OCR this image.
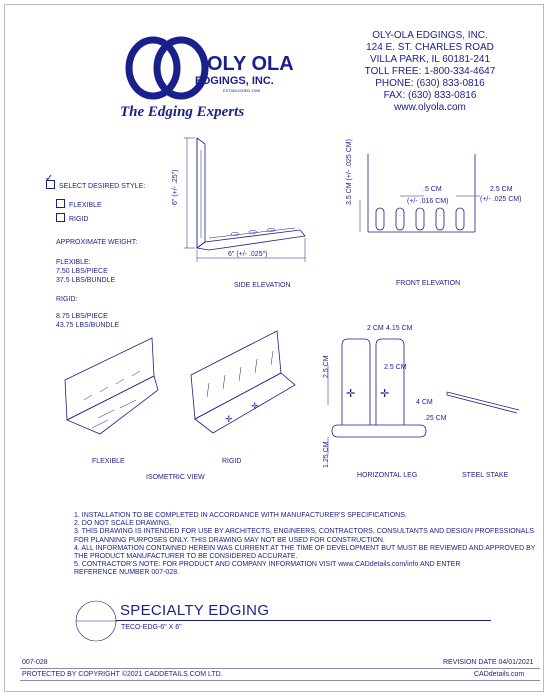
OLY OLA
EDGINGS, INC.
ESTABLISHED 1999
The Edging Experts
OLY-OLA EDGINGS, INC.
124 E. ST. CHARLES ROAD
VILLA PARK, IL 60181-241
TOLL FREE: 1-800-334-4647
PHONE: (630) 833-0816
FAX: (630) 833-0816
www.olyola.com
✓SELECT DESIRED STYLE:
FLEXIBLE
RIGID
APPROXIMATE WEIGHT:
FLEXIBLE:
7.50 LBS/PIECE
37.5 LBS/BUNDLE
RIGID:
8.75 LBS/PIECE
43.75 LBS/BUNDLE
6" (+/- .25")
6" (+/- .025")
SIDE ELEVATION
3.5 CM (+/- .025 CM)	.5 CM
(+/- .016 CM)
2.5 CM
(+/- .025 CM)
FRONT ELEVATION
✛
✛
FLEXIBLE	RIGID
ISOMETRIC VIEW
✛ ✛
2 CM 4.15 CM
2.5 CM	2.5 CM
4 CM
.25 CM
1.25 CM
HORIZONTAL LEG	STEEL STAKE
1. INSTALLATION TO BE COMPLETED IN ACCORDANCE WITH MANUFACTURER'S SPECIFICATIONS.
2. DO NOT SCALE DRAWING.
3. THIS DRAWING IS INTENDED FOR USE BY ARCHITECTS, ENGINEERS, CONTRACTORS, CONSULTANTS AND DESIGN PROFESSIONALS
FOR PLANNING PURPOSES ONLY. THIS DRAWING MAY NOT BE USED FOR CONSTRUCTION.
4. ALL INFORMATION CONTAINED HEREIN WAS CURRENT AT THE TIME OF DEVELOPMENT BUT MUST BE REVIEWED AND APPROVED BY
THE PRODUCT MANUFACTURER TO BE CONSIDERED ACCURATE.
5. CONTRACTOR'S NOTE: FOR PRODUCT AND COMPANY INFORMATION VISIT www.CADdetails.com/info AND ENTER
REFERENCE NUMBER 007-028.
SPECIALTY EDGING
TECO-EDG-6" X 6"
007-028	REVISION DATE 04/01/2021
PROTECTED BY COPYRIGHT ©2021 CADDETAILS.COM LTD.	CADdetails.com
